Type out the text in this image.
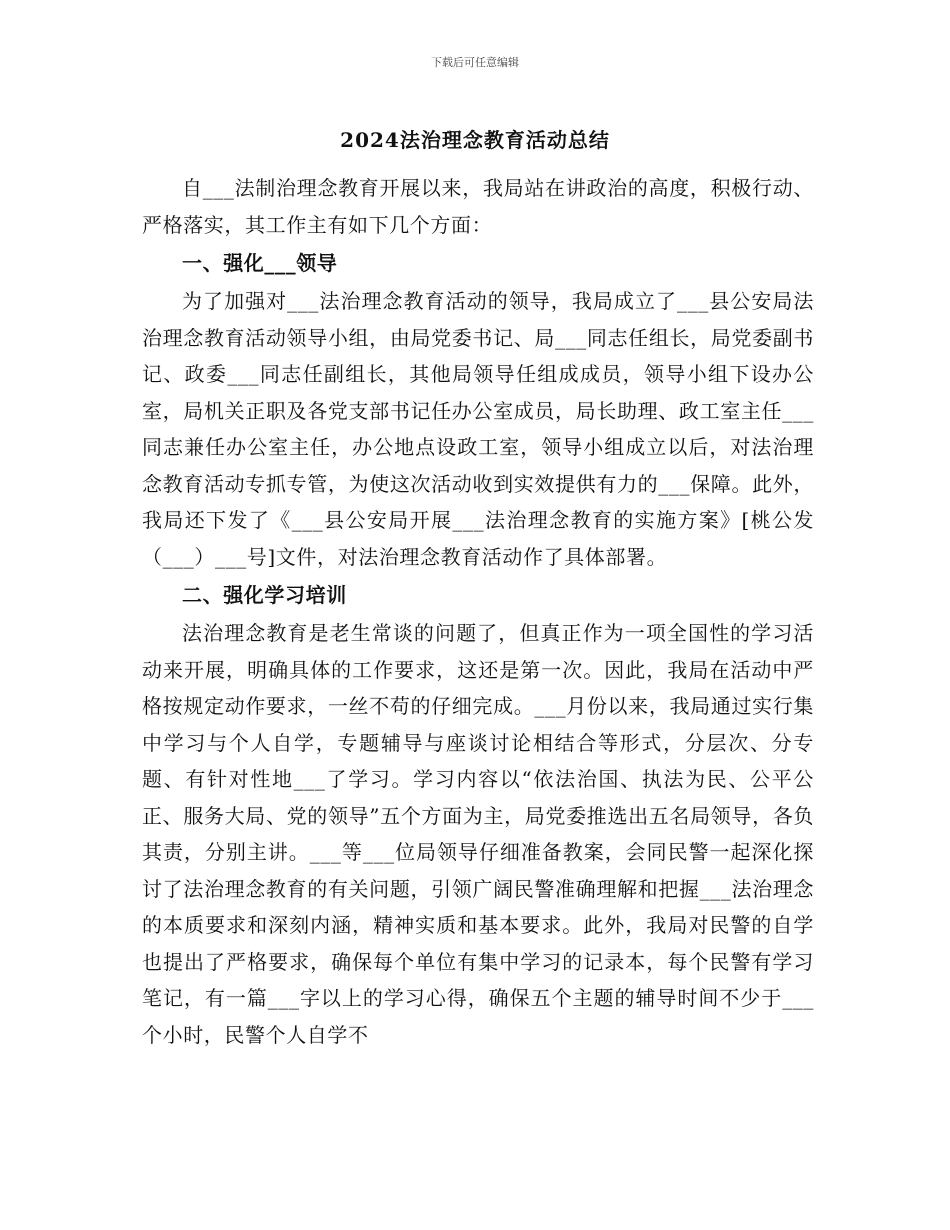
下载后可任意编辑
2024法治理念教育活动总结

自___法制治理念教育开展以来，我局站在讲政治的高度，积极行动、严格落实，其工作主有如下几个方面：

一、强化___领导

为了加强对___法治理念教育活动的领导，我局成立了___县公安局法治理念教育活动领导小组，由局党委书记、局___同志任组长，局党委副书记、政委___同志任副组长，其他局领导任组成成员，领导小组下设办公室，局机关正职及各党支部书记任办公室成员，局长助理、政工室主任___同志兼任办公室主任，办公地点设政工室，领导小组成立以后，对法治理念教育活动专抓专管，为使这次活动收到实效提供有力的___保障。此外，我局还下发了《___县公安局开展___法治理念教育的实施方案》[桃公发（___）___号]文件，对法治理念教育活动作了具体部署。

二、强化学习培训

法治理念教育是老生常谈的问题了，但真正作为一项全国性的学习活动来开展，明确具体的工作要求，这还是第一次。因此，我局在活动中严格按规定动作要求，一丝不苟的仔细完成。___月份以来，我局通过实行集中学习与个人自学，专题辅导与座谈讨论相结合等形式，分层次、分专题、有针对性地___了学习。学习内容以“依法治国、执法为民、公平公正、服务大局、党的领导”五个方面为主，局党委推选出五名局领导，各负其责，分别主讲。___等___位局领导仔细准备教案，会同民警一起深化探讨了法治理念教育的有关问题，引领广阔民警准确理解和把握___法治理念的本质要求和深刻内涵，精神实质和基本要求。此外，我局对民警的自学也提出了严格要求，确保每个单位有集中学习的记录本，每个民警有学习笔记，有一篇___字以上的学习心得，确保五个主题的辅导时间不少于___个小时，民警个人自学不
